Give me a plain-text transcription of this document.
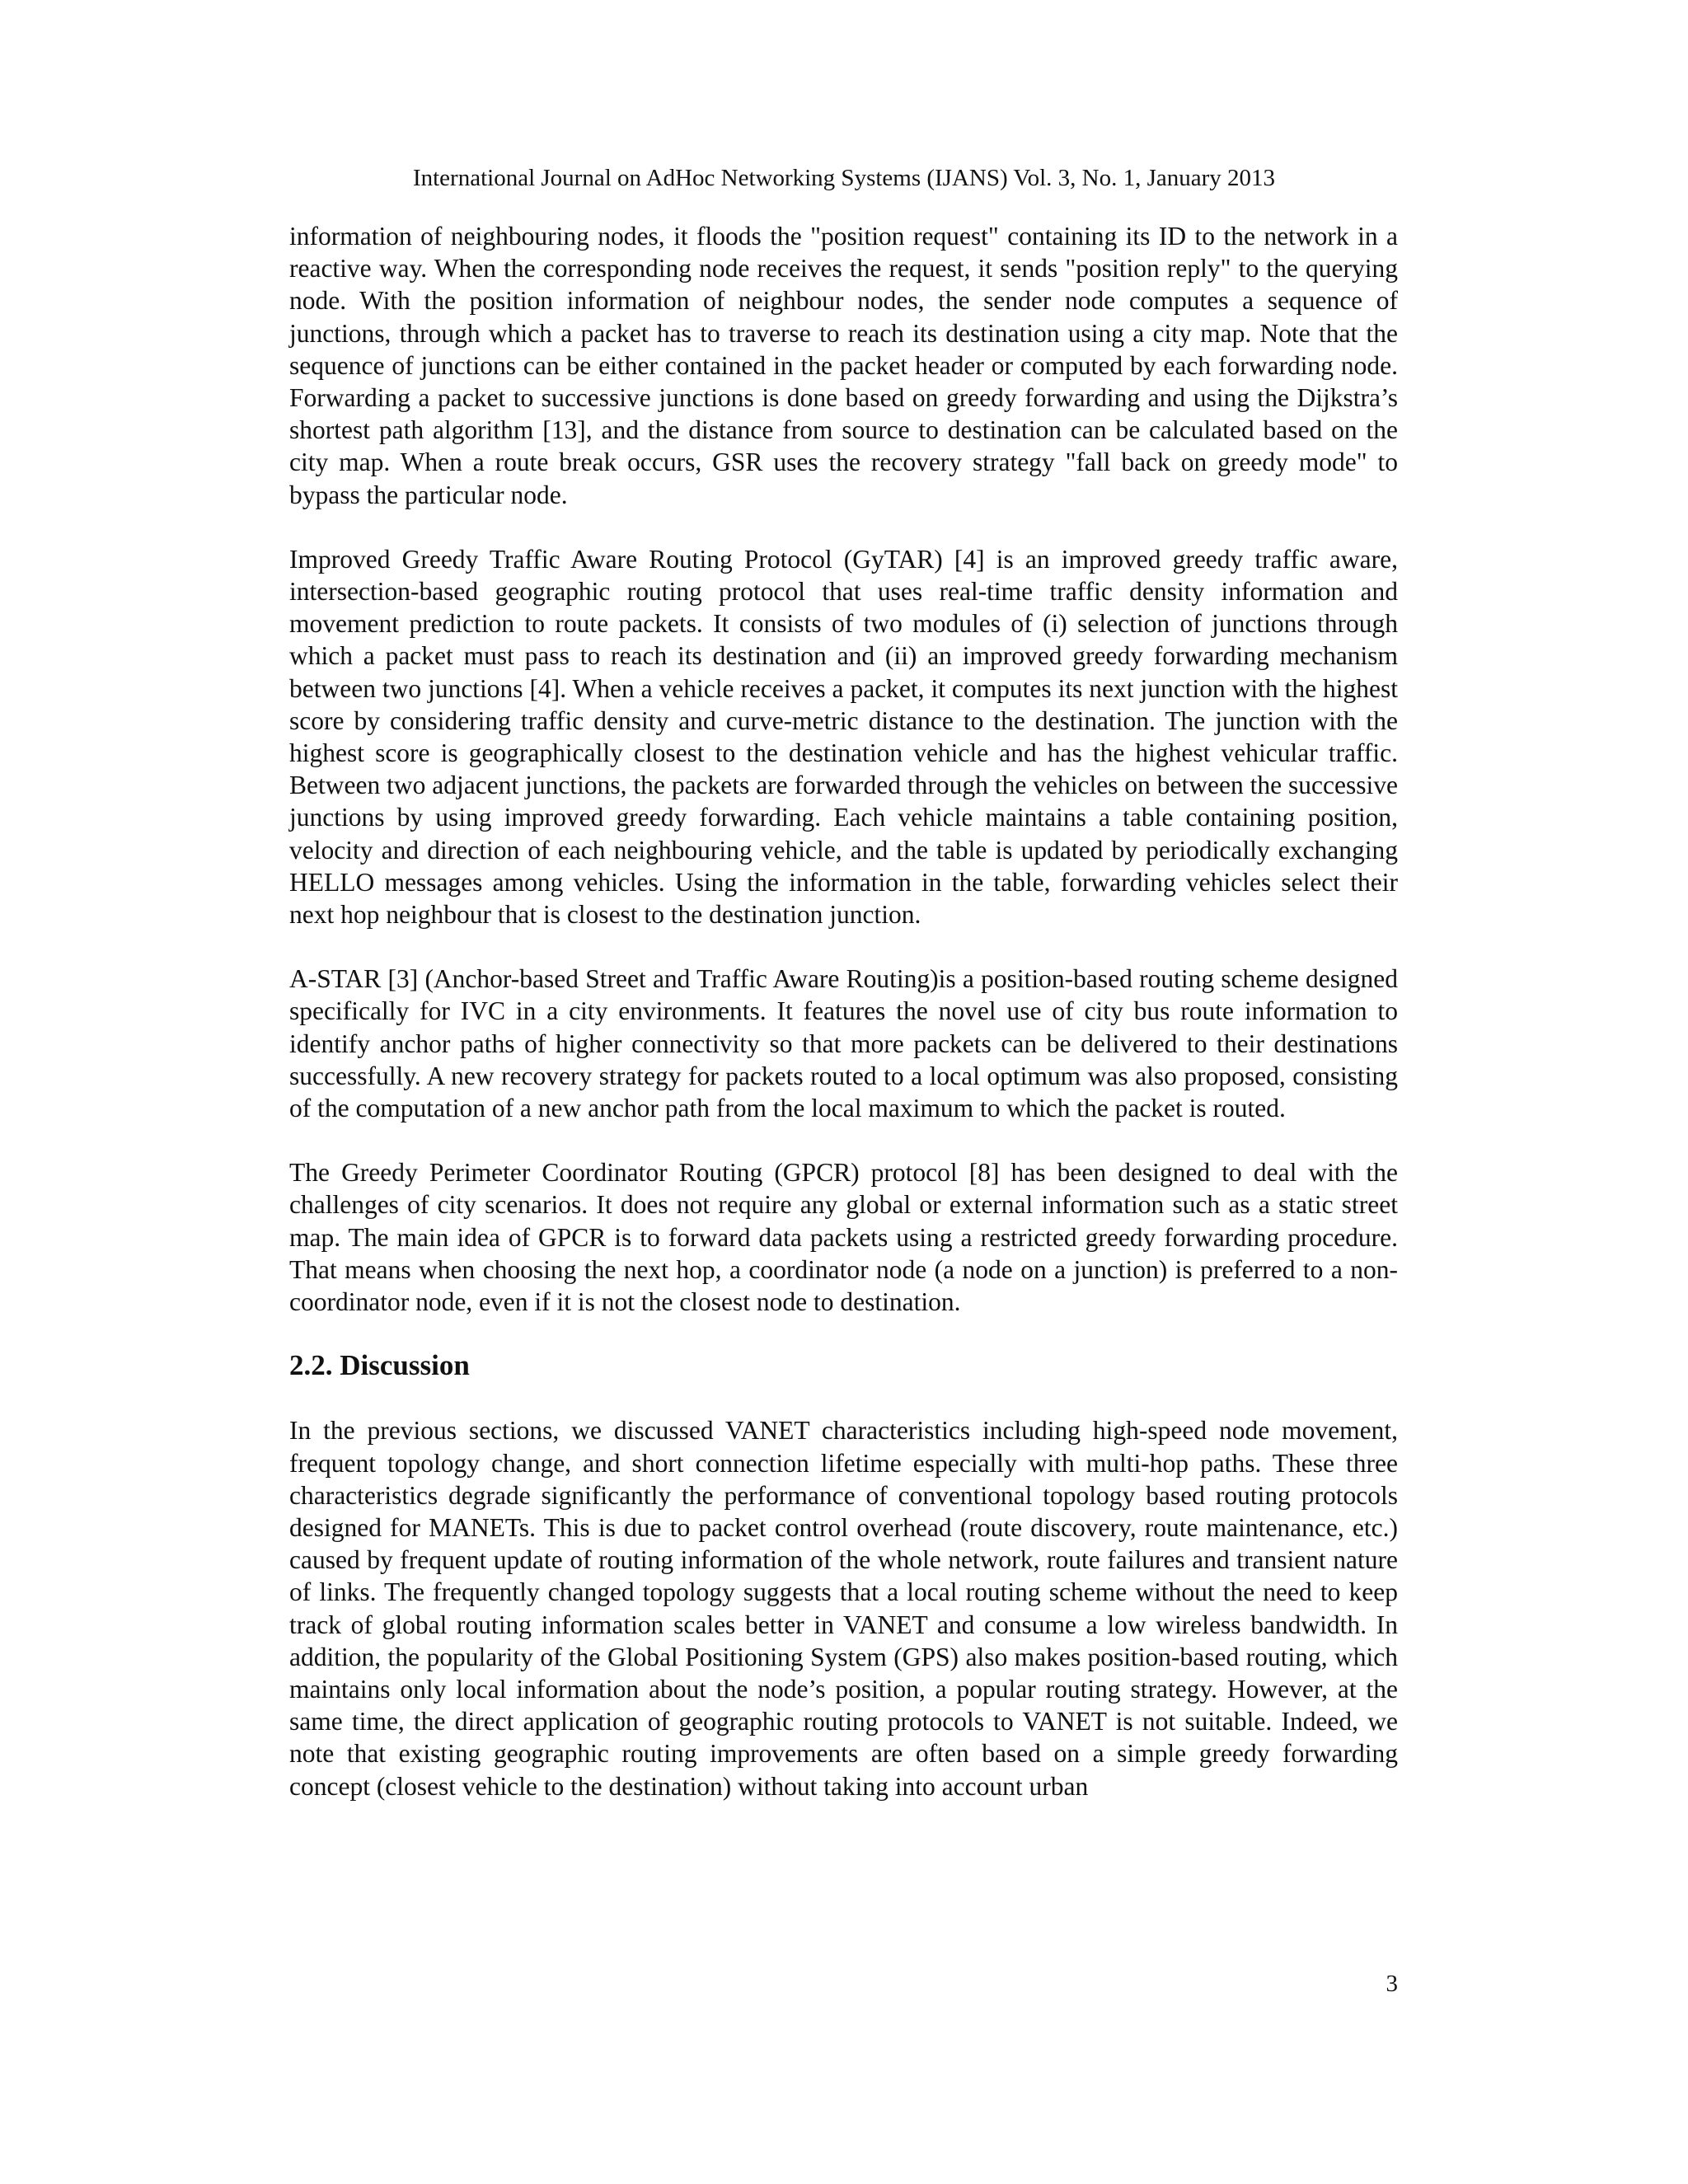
International Journal on AdHoc Networking Systems (IJANS) Vol. 3, No. 1, January 2013

information of neighbouring nodes, it floods the "position request" containing its ID to the network in a reactive way. When the corresponding node receives the request, it sends "position reply" to the querying node. With the position information of neighbour nodes, the sender node computes a sequence of junctions, through which a packet has to traverse to reach its destination using a city map. Note that the sequence of junctions can be either contained in the packet header or computed by each forwarding node. Forwarding a packet to successive junctions is done based on greedy forwarding and using the Dijkstra’s shortest path algorithm [13], and the distance from source to destination can be calculated based on the city map. When a route break occurs, GSR uses the recovery strategy "fall back on greedy mode" to bypass the particular node.

Improved Greedy Traffic Aware Routing Protocol (GyTAR) [4] is an improved greedy traffic aware, intersection-based geographic routing protocol that uses real-time traffic density information and movement prediction to route packets. It consists of two modules of (i) selection of junctions through which a packet must pass to reach its destination and (ii) an improved greedy forwarding mechanism between two junctions [4]. When a vehicle receives a packet, it computes its next junction with the highest score by considering traffic density and curve-metric distance to the destination. The junction with the highest score is geographically closest to the destination vehicle and has the highest vehicular traffic. Between two adjacent junctions, the packets are forwarded through the vehicles on between the successive junctions by using improved greedy forwarding. Each vehicle maintains a table containing position, velocity and direction of each neighbouring vehicle, and the table is updated by periodically exchanging HELLO messages among vehicles. Using the information in the table, forwarding vehicles select their next hop neighbour that is closest to the destination junction.

A-STAR [3] (Anchor-based Street and Traffic Aware Routing)is a position-based routing scheme designed specifically for IVC in a city environments. It features the novel use of city bus route information to identify anchor paths of higher connectivity so that more packets can be delivered to their destinations successfully. A new recovery strategy for packets routed to a local optimum was also proposed, consisting of the computation of a new anchor path from the local maximum to which the packet is routed.

The Greedy Perimeter Coordinator Routing (GPCR) protocol [8] has been designed to deal with the challenges of city scenarios. It does not require any global or external information such as a static street map. The main idea of GPCR is to forward data packets using a restricted greedy forwarding procedure. That means when choosing the next hop, a coordinator node (a node on a junction) is preferred to a non-coordinator node, even if it is not the closest node to destination.

2.2. Discussion

In the previous sections, we discussed VANET characteristics including high-speed node movement, frequent topology change, and short connection lifetime especially with multi-hop paths. These three characteristics degrade significantly the performance of conventional topology based routing protocols designed for MANETs. This is due to packet control overhead (route discovery, route maintenance, etc.) caused by frequent update of routing information of the whole network, route failures and transient nature of links. The frequently changed topology suggests that a local routing scheme without the need to keep track of global routing information scales better in VANET and consume a low wireless bandwidth. In addition, the popularity of the Global Positioning System (GPS) also makes position-based routing, which maintains only local information about the node’s position, a popular routing strategy. However, at the same time, the direct application of geographic routing protocols to VANET is not suitable. Indeed, we note that existing geographic routing improvements are often based on a simple greedy forwarding concept (closest vehicle to the destination) without taking into account urban

3
